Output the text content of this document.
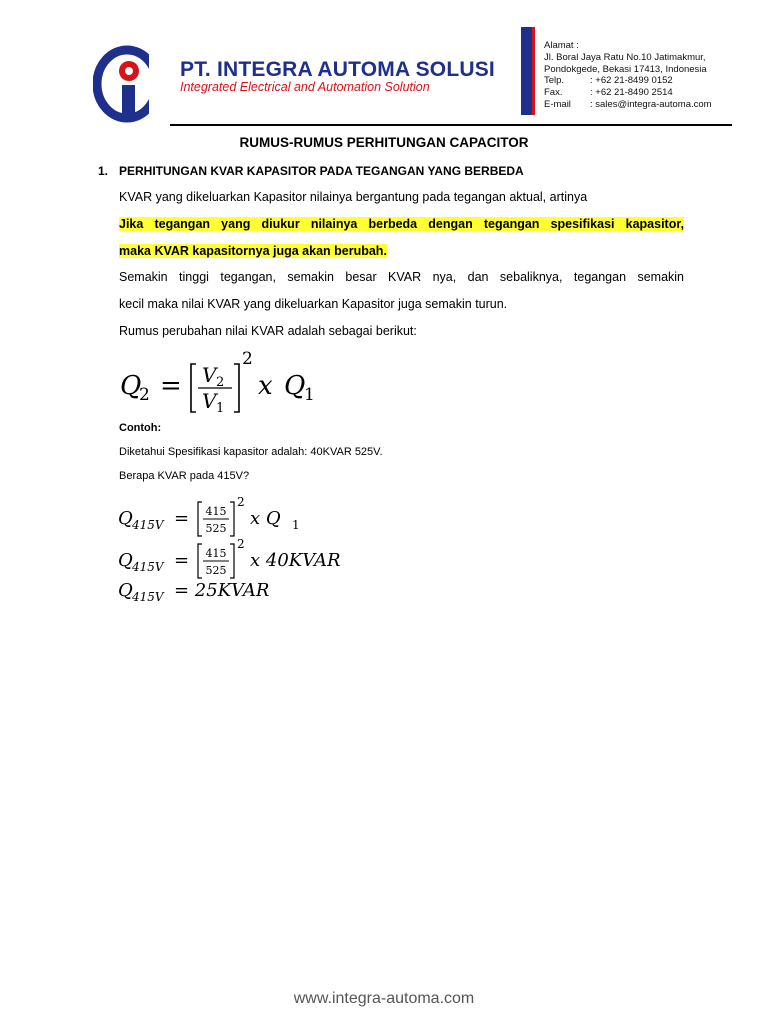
PT. INTEGRA AUTOMA SOLUSI
Integrated Electrical and Automation Solution
Alamat :
Jl. Boral Jaya Ratu No.10 Jatimakmur,
Pondokgede, Bekasi 17413, Indonesia
Telp.	: +62 21-8499 0152
Fax.	: +62 21-8490 2514
E-mail	: sales@integra-automa.com
RUMUS-RUMUS PERHITUNGAN CAPACITOR
1. PERHITUNGAN KVAR KAPASITOR PADA TEGANGAN YANG BERBEDA
KVAR yang dikeluarkan Kapasitor nilainya bergantung pada tegangan aktual, artinya
Jika tegangan yang diukur nilainya berbeda dengan tegangan spesifikasi kapasitor,
maka KVAR kapasitornya juga akan berubah.
Semakin tinggi tegangan, semakin besar KVAR nya, dan sebaliknya, tegangan semakin
kecil maka nilai KVAR yang dikeluarkan Kapasitor juga semakin turun.
Rumus perubahan nilai KVAR adalah sebagai berikut:
Q
2 = V 2
V 1
2
x Q
1
Contoh:
Diketahui Spesifikasi kapasitor adalah: 40KVAR 525V.
Berapa KVAR pada 415V?
Q 415V = 415
525
2
x Q 1
Q 415V = 415
525
2
x 40KVAR
Q 415V = 25KVAR
www.integra-automa.com
